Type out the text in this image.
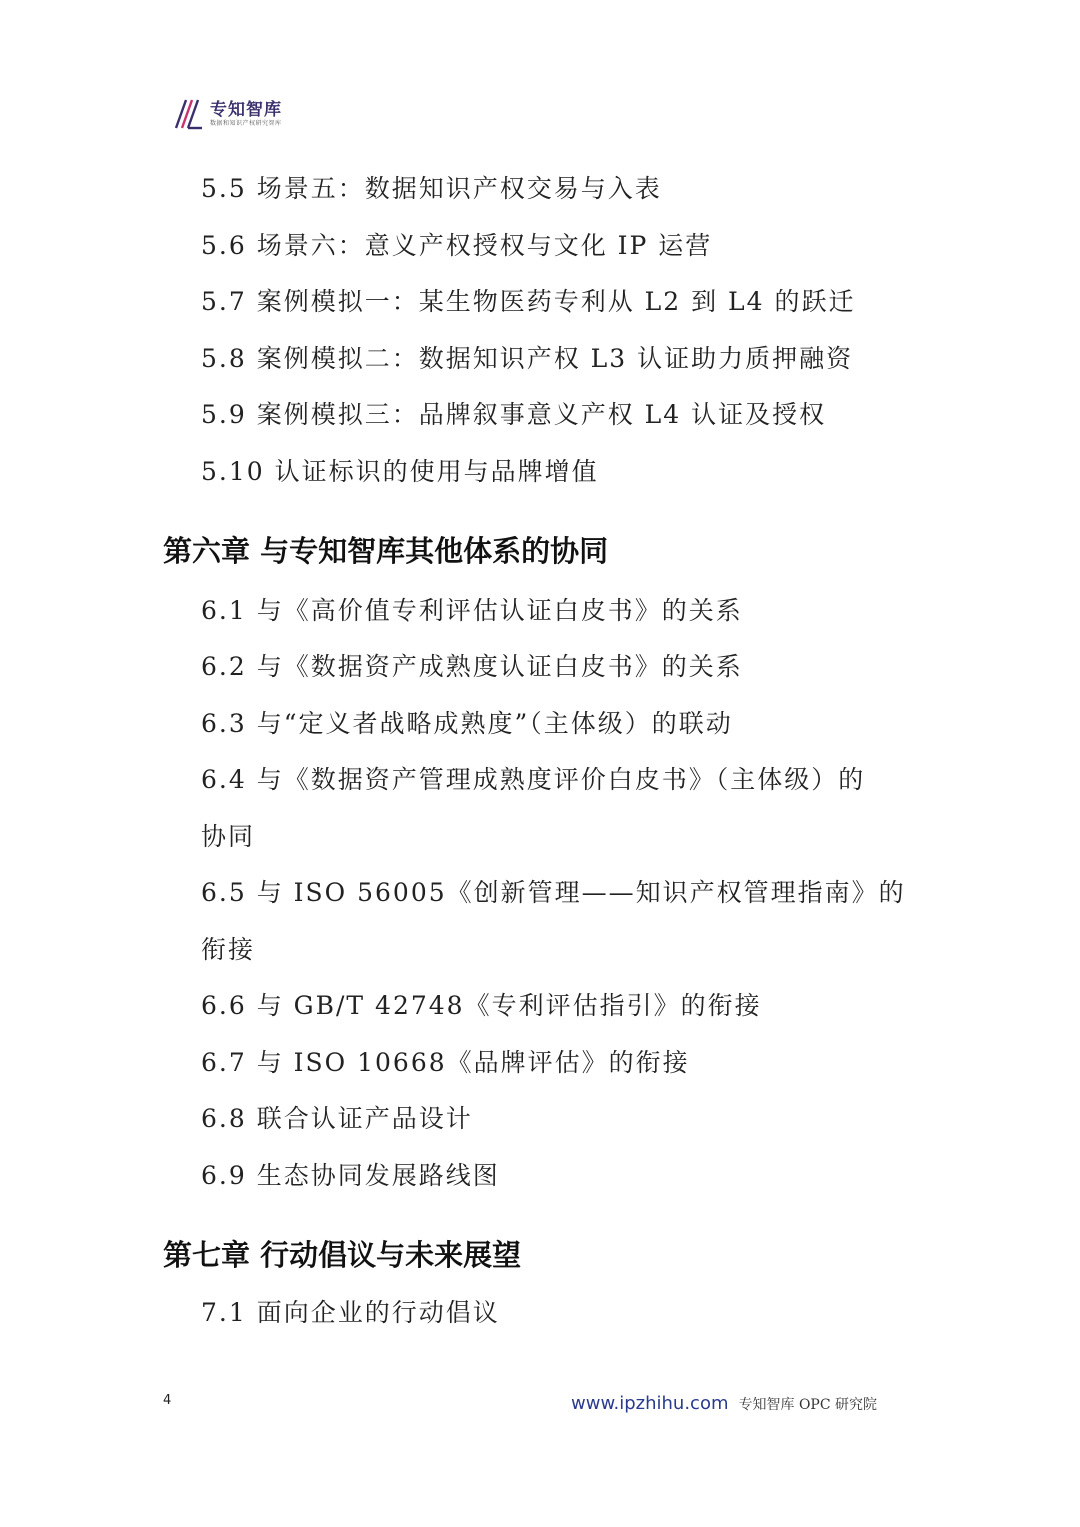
专知智库
数据和知识产权研究智库
5.5 场景五：数据知识产权交易与入表
5.6 场景六：意义产权授权与文化 IP 运营
5.7 案例模拟一：某生物医药专利从 L2 到 L4 的跃迁
5.8 案例模拟二：数据知识产权 L3 认证助力质押融资
5.9 案例模拟三：品牌叙事意义产权 L4 认证及授权
5.10 认证标识的使用与品牌增值
第六章 与专知智库其他体系的协同
6.1 与《高价值专利评估认证白皮书》的关系
6.2 与《数据资产成熟度认证白皮书》的关系
6.3 与“定义者战略成熟度”（主体级）的联动
6.4 与《数据资产管理成熟度评价白皮书》（主体级）的
协同
6.5 与 ISO 56005《创新管理——知识产权管理指南》的
衔接
6.6 与 GB/T 42748《专利评估指引》的衔接
6.7 与 ISO 10668《品牌评估》的衔接
6.8 联合认证产品设计
6.9 生态协同发展路线图
第七章 行动倡议与未来展望
7.1 面向企业的行动倡议
4	www.ipzhihu.com 专知智库 OPC 研究院
